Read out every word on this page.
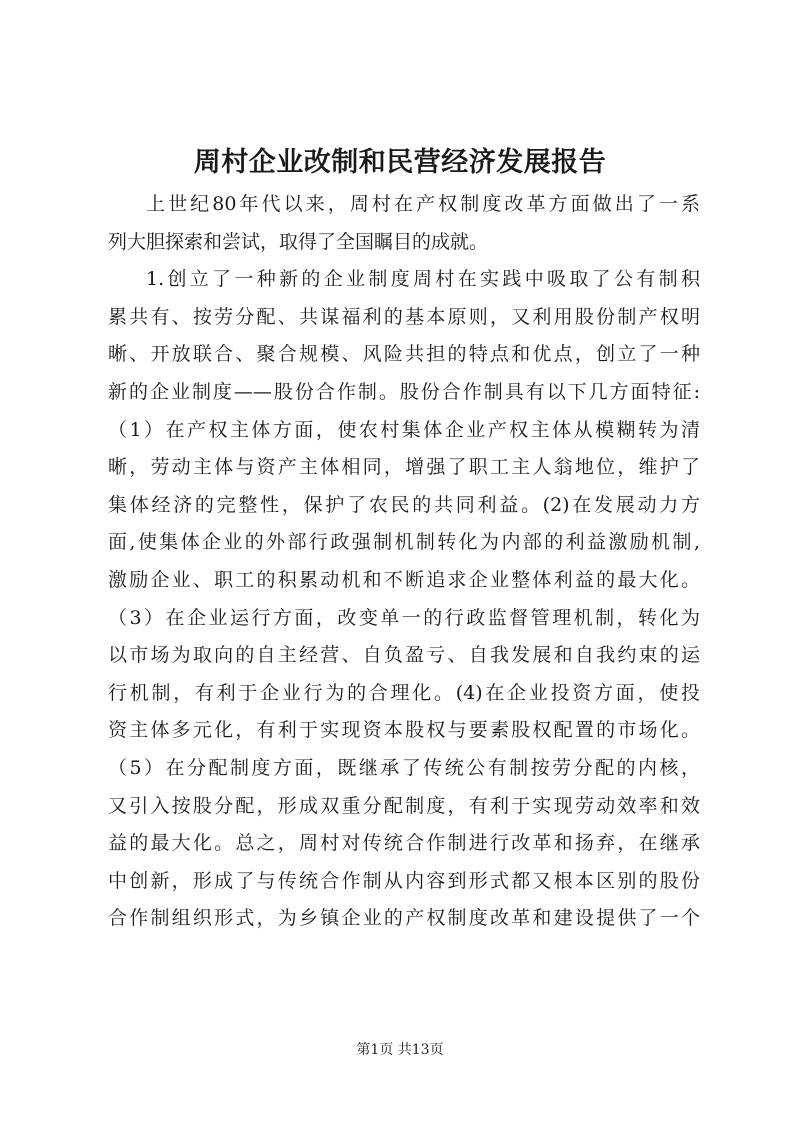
周村企业改制和民营经济发展报告
上世纪80年代以来，周村在产权制度改革方面做出了一系
列大胆探索和尝试，取得了全国瞩目的成就。
1.创立了一种新的企业制度周村在实践中吸取了公有制积
累共有、按劳分配、共谋福利的基本原则，又利用股份制产权明
晰、开放联合、聚合规模、风险共担的特点和优点，创立了一种
新的企业制度——股份合作制。股份合作制具有以下几方面特征:
（1）在产权主体方面，使农村集体企业产权主体从模糊转为清
晰，劳动主体与资产主体相同，增强了职工主人翁地位，维护了
集体经济的完整性，保护了农民的共同利益。(2)在发展动力方
面,使集体企业的外部行政强制机制转化为内部的利益激励机制,
激励企业、职工的积累动机和不断追求企业整体利益的最大化。
（3）在企业运行方面，改变单一的行政监督管理机制，转化为
以市场为取向的自主经营、自负盈亏、自我发展和自我约束的运
行机制，有利于企业行为的合理化。(4)在企业投资方面，使投
资主体多元化，有利于实现资本股权与要素股权配置的市场化。
（5）在分配制度方面，既继承了传统公有制按劳分配的内核，
又引入按股分配，形成双重分配制度，有利于实现劳动效率和效
益的最大化。总之，周村对传统合作制进行改革和扬弃，在继承
中创新，形成了与传统合作制从内容到形式都又根本区别的股份
合作制组织形式，为乡镇企业的产权制度改革和建设提供了一个
第1页 共13页
